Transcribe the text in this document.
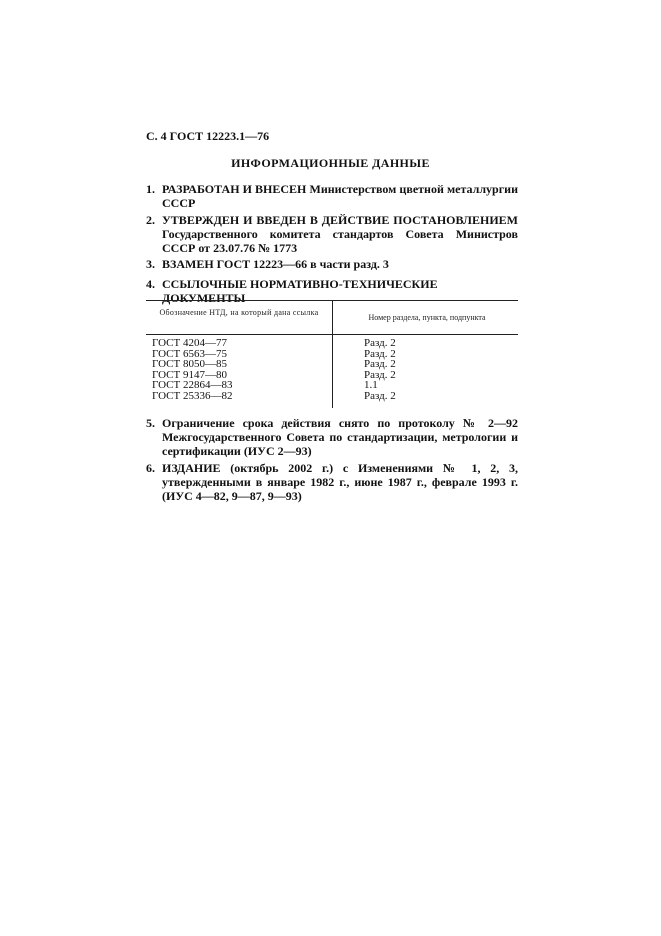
С. 4 ГОСТ 12223.1—76
ИНФОРМАЦИОННЫЕ ДАННЫЕ
1. РАЗРАБОТАН И ВНЕСЕН Министерством цветной металлургии СССР
2. УТВЕРЖДЕН И ВВЕДЕН В ДЕЙСТВИЕ ПОСТАНОВЛЕНИЕМ Государственного комитета стандартов Совета Министров СССР от 23.07.76 № 1773
3. ВЗАМЕН ГОСТ 12223—66 в части разд. 3
4. ССЫЛОЧНЫЕ НОРМАТИВНО-ТЕХНИЧЕСКИЕ ДОКУМЕНТЫ
Обозначение НТД, на который дана ссылка
Номер раздела, пункта, подпункта
ГОСТ 4204—77
ГОСТ 6563—75
ГОСТ 8050—85
ГОСТ 9147—80
ГОСТ 22864—83
ГОСТ 25336—82
Разд. 2
Разд. 2
Разд. 2
Разд. 2
1.1
Разд. 2
5. Ограничение срока действия снято по протоколу № 2—92 Межгосударственного Совета по стандартизации, метрологии и сертификации (ИУС 2—93)
6. ИЗДАНИЕ (октябрь 2002 г.) с Изменениями № 1, 2, 3, утвержденными в январе 1982 г., июне 1987 г., феврале 1993 г. (ИУС 4—82, 9—87, 9—93)
